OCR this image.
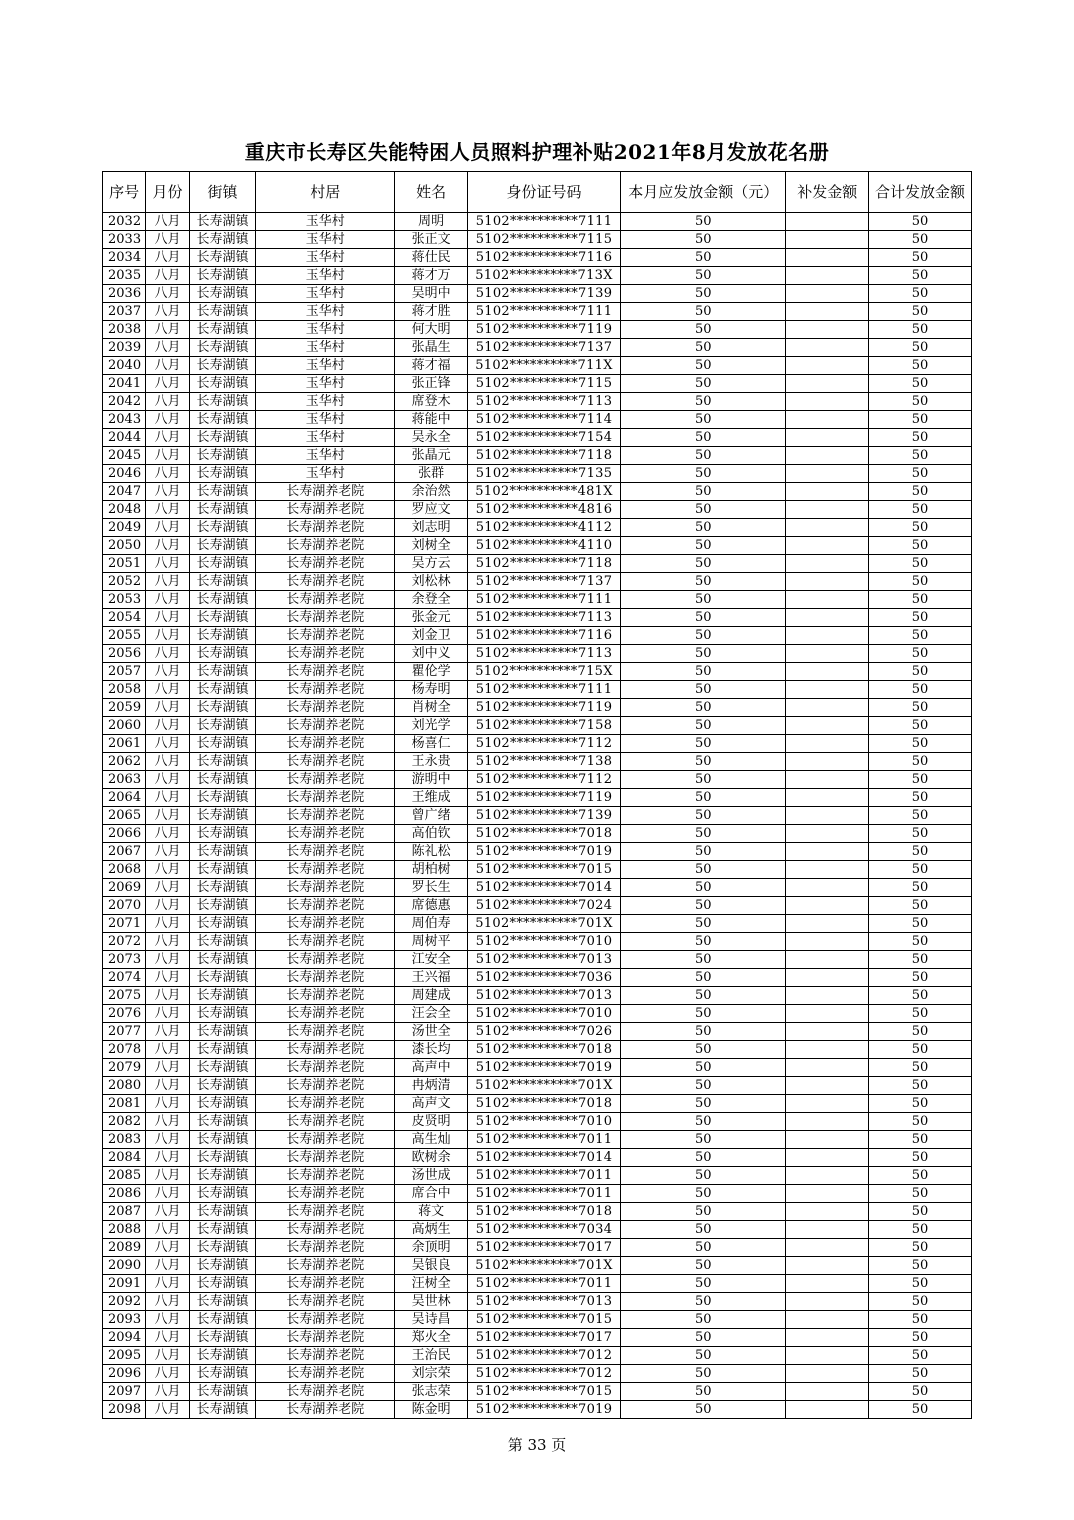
重庆市长寿区失能特困人员照料护理补贴2021年8月发放花名册
序号	月份	街镇	村居	姓名	身份证号码	本月应发放金额（元）	补发金额	合计发放金额
2032	八月	长寿湖镇	玉华村	周明	5102**********7111	50		50
2033	八月	长寿湖镇	玉华村	张正文	5102**********7115	50		50
2034	八月	长寿湖镇	玉华村	蒋仕民	5102**********7116	50		50
2035	八月	长寿湖镇	玉华村	蒋才万	5102**********713X	50		50
2036	八月	长寿湖镇	玉华村	吴明中	5102**********7139	50		50
2037	八月	长寿湖镇	玉华村	蒋才胜	5102**********7111	50		50
2038	八月	长寿湖镇	玉华村	何大明	5102**********7119	50		50
2039	八月	长寿湖镇	玉华村	张晶生	5102**********7137	50		50
2040	八月	长寿湖镇	玉华村	蒋才福	5102**********711X	50		50
2041	八月	长寿湖镇	玉华村	张正锋	5102**********7115	50		50
2042	八月	长寿湖镇	玉华村	席登木	5102**********7113	50		50
2043	八月	长寿湖镇	玉华村	蒋能中	5102**********7114	50		50
2044	八月	长寿湖镇	玉华村	吴永全	5102**********7154	50		50
2045	八月	长寿湖镇	玉华村	张晶元	5102**********7118	50		50
2046	八月	长寿湖镇	玉华村	张群	5102**********7135	50		50
2047	八月	长寿湖镇	长寿湖养老院	余治然	5102**********481X	50		50
2048	八月	长寿湖镇	长寿湖养老院	罗应文	5102**********4816	50		50
2049	八月	长寿湖镇	长寿湖养老院	刘志明	5102**********4112	50		50
2050	八月	长寿湖镇	长寿湖养老院	刘树全	5102**********4110	50		50
2051	八月	长寿湖镇	长寿湖养老院	吴方云	5102**********7118	50		50
2052	八月	长寿湖镇	长寿湖养老院	刘松林	5102**********7137	50		50
2053	八月	长寿湖镇	长寿湖养老院	余登全	5102**********7111	50		50
2054	八月	长寿湖镇	长寿湖养老院	张金元	5102**********7113	50		50
2055	八月	长寿湖镇	长寿湖养老院	刘金卫	5102**********7116	50		50
2056	八月	长寿湖镇	长寿湖养老院	刘中义	5102**********7113	50		50
2057	八月	长寿湖镇	长寿湖养老院	瞿伦学	5102**********715X	50		50
2058	八月	长寿湖镇	长寿湖养老院	杨寿明	5102**********7111	50		50
2059	八月	长寿湖镇	长寿湖养老院	肖树全	5102**********7119	50		50
2060	八月	长寿湖镇	长寿湖养老院	刘光学	5102**********7158	50		50
2061	八月	长寿湖镇	长寿湖养老院	杨喜仁	5102**********7112	50		50
2062	八月	长寿湖镇	长寿湖养老院	王永贵	5102**********7138	50		50
2063	八月	长寿湖镇	长寿湖养老院	游明中	5102**********7112	50		50
2064	八月	长寿湖镇	长寿湖养老院	王维成	5102**********7119	50		50
2065	八月	长寿湖镇	长寿湖养老院	曾广绪	5102**********7139	50		50
2066	八月	长寿湖镇	长寿湖养老院	高伯钦	5102**********7018	50		50
2067	八月	长寿湖镇	长寿湖养老院	陈礼松	5102**********7019	50		50
2068	八月	长寿湖镇	长寿湖养老院	胡柏树	5102**********7015	50		50
2069	八月	长寿湖镇	长寿湖养老院	罗长生	5102**********7014	50		50
2070	八月	长寿湖镇	长寿湖养老院	席德惠	5102**********7024	50		50
2071	八月	长寿湖镇	长寿湖养老院	周伯寿	5102**********701X	50		50
2072	八月	长寿湖镇	长寿湖养老院	周树平	5102**********7010	50		50
2073	八月	长寿湖镇	长寿湖养老院	江安全	5102**********7013	50		50
2074	八月	长寿湖镇	长寿湖养老院	王兴福	5102**********7036	50		50
2075	八月	长寿湖镇	长寿湖养老院	周建成	5102**********7013	50		50
2076	八月	长寿湖镇	长寿湖养老院	汪会全	5102**********7010	50		50
2077	八月	长寿湖镇	长寿湖养老院	汤世全	5102**********7026	50		50
2078	八月	长寿湖镇	长寿湖养老院	漆长均	5102**********7018	50		50
2079	八月	长寿湖镇	长寿湖养老院	高声中	5102**********7019	50		50
2080	八月	长寿湖镇	长寿湖养老院	冉炳清	5102**********701X	50		50
2081	八月	长寿湖镇	长寿湖养老院	高声文	5102**********7018	50		50
2082	八月	长寿湖镇	长寿湖养老院	皮贤明	5102**********7010	50		50
2083	八月	长寿湖镇	长寿湖养老院	高生灿	5102**********7011	50		50
2084	八月	长寿湖镇	长寿湖养老院	欧树余	5102**********7014	50		50
2085	八月	长寿湖镇	长寿湖养老院	汤世成	5102**********7011	50		50
2086	八月	长寿湖镇	长寿湖养老院	席合中	5102**********7011	50		50
2087	八月	长寿湖镇	长寿湖养老院	蒋文	5102**********7018	50		50
2088	八月	长寿湖镇	长寿湖养老院	高炳生	5102**********7034	50		50
2089	八月	长寿湖镇	长寿湖养老院	余顶明	5102**********7017	50		50
2090	八月	长寿湖镇	长寿湖养老院	吴银良	5102**********701X	50		50
2091	八月	长寿湖镇	长寿湖养老院	汪树全	5102**********7011	50		50
2092	八月	长寿湖镇	长寿湖养老院	吴世林	5102**********7013	50		50
2093	八月	长寿湖镇	长寿湖养老院	吴诗昌	5102**********7015	50		50
2094	八月	长寿湖镇	长寿湖养老院	郑火全	5102**********7017	50		50
2095	八月	长寿湖镇	长寿湖养老院	王治民	5102**********7012	50		50
2096	八月	长寿湖镇	长寿湖养老院	刘宗荣	5102**********7012	50		50
2097	八月	长寿湖镇	长寿湖养老院	张志荣	5102**********7015	50		50
2098	八月	长寿湖镇	长寿湖养老院	陈金明	5102**********7019	50		50
第 33 页
